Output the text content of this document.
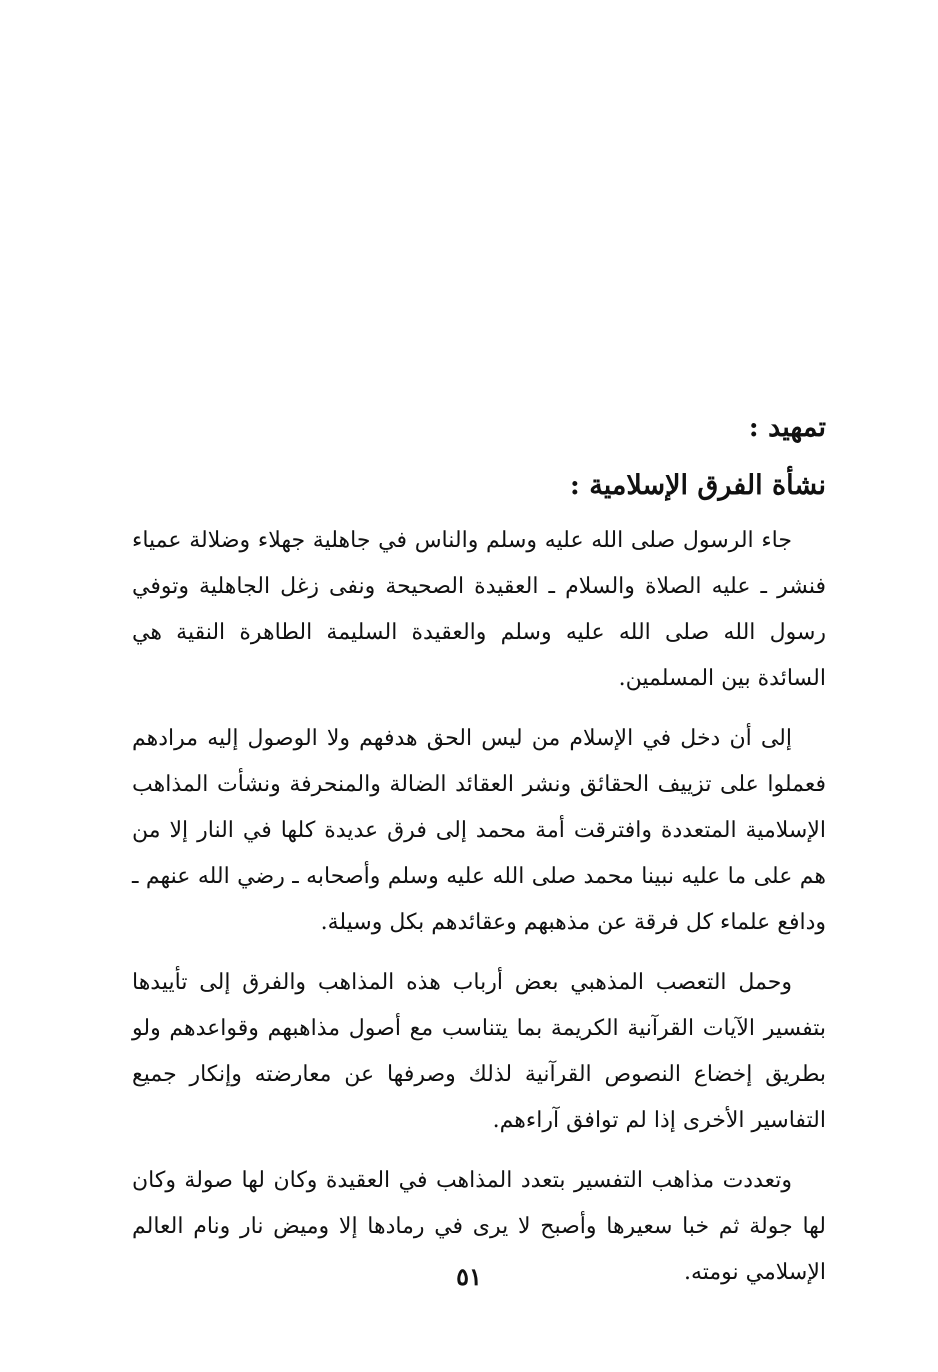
تمهيد :
نشأة الفرق الإسلامية :

جاء الرسول صلى الله عليه وسلم والناس في جاهلية جهلاء وضلالة عمياء فنشر ـ عليه الصلاة والسلام ـ العقيدة الصحيحة ونفى زغل الجاهلية وتوفي رسول الله صلى الله عليه وسلم والعقيدة السليمة الطاهرة النقية هي السائدة بين المسلمين.

إلى أن دخل في الإسلام من ليس الحق هدفهم ولا الوصول إليه مرادهم فعملوا على تزييف الحقائق ونشر العقائد الضالة والمنحرفة ونشأت المذاهب الإسلامية المتعددة وافترقت أمة محمد إلى فرق عديدة كلها في النار إلا من هم على ما عليه نبينا محمد صلى الله عليه وسلم وأصحابه ـ رضي الله عنهم ـ ودافع علماء كل فرقة عن مذهبهم وعقائدهم بكل وسيلة.

وحمل التعصب المذهبي بعض أرباب هذه المذاهب والفرق إلى تأييدها بتفسير الآيات القرآنية الكريمة بما يتناسب مع أصول مذاهبهم وقواعدهم ولو بطريق إخضاع النصوص القرآنية لذلك وصرفها عن معارضته وإنكار جميع التفاسير الأخرى إذا لم توافق آراءهم.

وتعددت مذاهب التفسير بتعدد المذاهب في العقيدة وكان لها صولة وكان لها جولة ثم خبا سعيرها وأصبح لا يرى في رمادها إلا وميض نار ونام العالم الإسلامي نومته.

٥١
